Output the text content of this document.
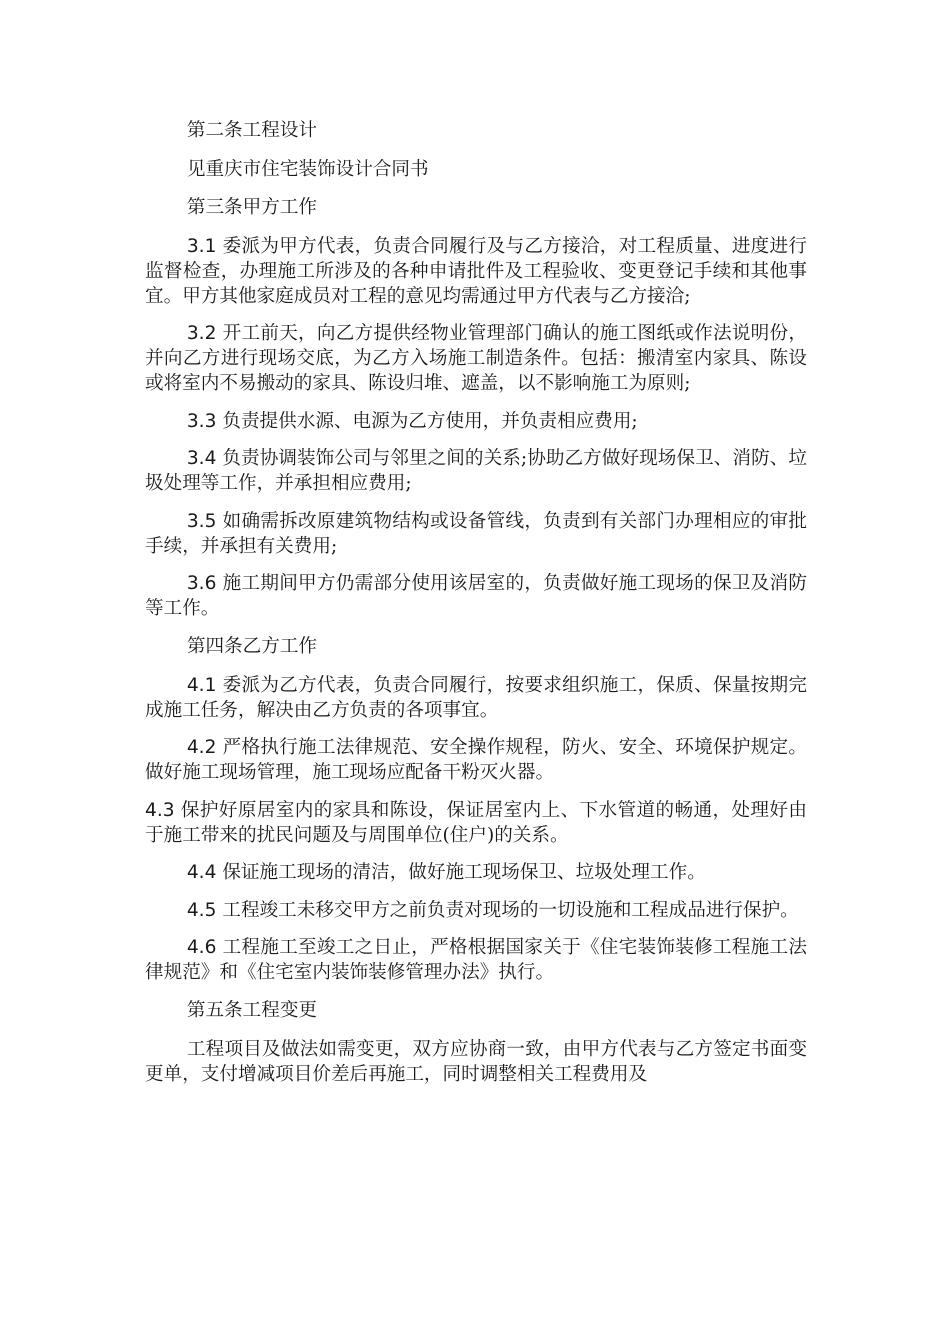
第二条工程设计

见重庆市住宅装饰设计合同书

第三条甲方工作

3.1 委派为甲方代表，负责合同履行及与乙方接洽，对工程质量、进度进行监督检查，办理施工所涉及的各种申请批件及工程验收、变更登记手续和其他事宜。甲方其他家庭成员对工程的意见均需通过甲方代表与乙方接洽;

3.2 开工前天，向乙方提供经物业管理部门确认的施工图纸或作法说明份，并向乙方进行现场交底，为乙方入场施工制造条件。包括：搬清室内家具、陈设或将室内不易搬动的家具、陈设归堆、遮盖，以不影响施工为原则;

3.3 负责提供水源、电源为乙方使用，并负责相应费用;

3.4 负责协调装饰公司与邻里之间的关系;协助乙方做好现场保卫、消防、垃圾处理等工作，并承担相应费用;

3.5 如确需拆改原建筑物结构或设备管线，负责到有关部门办理相应的审批手续，并承担有关费用;

3.6 施工期间甲方仍需部分使用该居室的，负责做好施工现场的保卫及消防等工作。

第四条乙方工作

4.1 委派为乙方代表，负责合同履行，按要求组织施工，保质、保量按期完成施工任务，解决由乙方负责的各项事宜。

4.2 严格执行施工法律规范、安全操作规程，防火、安全、环境保护规定。做好施工现场管理，施工现场应配备干粉灭火器。

4.3 保护好原居室内的家具和陈设，保证居室内上、下水管道的畅通，处理好由于施工带来的扰民问题及与周围单位(住户)的关系。

4.4 保证施工现场的清洁，做好施工现场保卫、垃圾处理工作。

4.5 工程竣工未移交甲方之前负责对现场的一切设施和工程成品进行保护。

4.6 工程施工至竣工之日止，严格根据国家关于《住宅装饰装修工程施工法律规范》和《住宅室内装饰装修管理办法》执行。

第五条工程变更

工程项目及做法如需变更，双方应协商一致，由甲方代表与乙方签定书面变更单，支付增减项目价差后再施工，同时调整相关工程费用及
